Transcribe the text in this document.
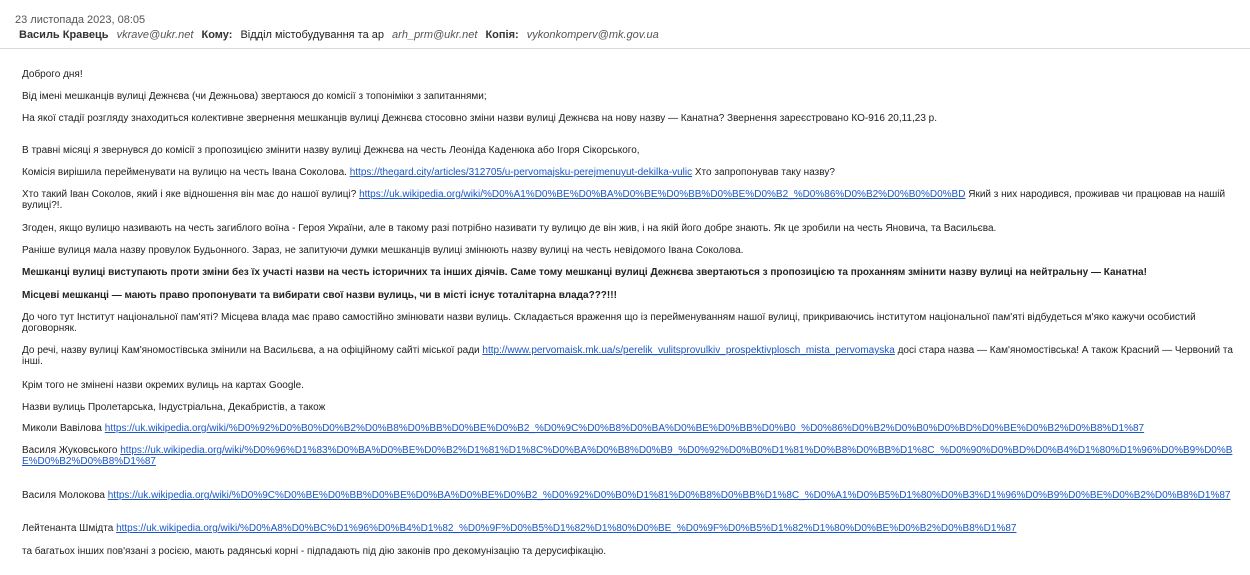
23 листопада 2023, 08:05
Василь Кравець vkrave@ukr.net Кому: Відділ містобудування та ар arh_prm@ukr.net Копія: vykonkomperv@mk.gov.ua

Доброго дня!

Від імені мешканців вулиці Дежнєва (чи Дежньова) звертаюся до комісії з топоніміки з запитаннями;

На якої стадії розгляду знаходиться колективне звернення мешканців вулиці Дежнєва стосовно зміни назви вулиці Дежнєва на нову назву — Канатна? Звернення зареєстровано КО-916 20,11,23 р.

В травні місяці я звернувся до комісії з пропозицією змінити назву вулиці Дежнєва на честь Леоніда Каденюка або Ігоря Сікорського,

Комісія вирішила перейменувати на вулицю на честь Івана Соколова. https://thegard.city/articles/312705/u-pervomajsku-perejmenuyut-dekilka-vulic Хто запропонував таку назву?

Хто такий Іван Соколов, який і яке відношення він має до нашої вулиці? https://uk.wikipedia.org/wiki/%D0%A1%D0%BE%D0%BA%D0%BE%D0%BB%D0%BE%D0%B2_%D0%86%D0%B2%D0%B0%D0%BD Який з них народився, проживав чи працював на нашій вулиці?!.

Згоден, якщо вулицю називають на честь загиблого воїна - Героя України, але в такому разі потрібно називати ту вулицю де він жив, і на якій його добре знають. Як це зробили на честь Яновича, та Васильєва.

Раніше вулиця мала назву провулок Будьонного. Зараз, не запитуючи думки мешканців вулиці змінюють назву вулиці на честь невідомого Івана Соколова.

Мешканці вулиці виступають проти зміни без їх участі назви на честь історичних та інших діячів. Саме тому мешканці вулиці Дежнєва звертаються з пропозицією та проханням змінити назву вулиці на нейтральну — Канатна!

Місцеві мешканці — мають право пропонувати та вибирати свої назви вулиць, чи в місті існує тоталітарна влада???!!!

До чого тут Інститут національної пам'яті? Місцева влада має право самостійно змінювати назви вулиць. Складається враження що із перейменуванням нашої вулиці, прикриваючись інститутом національної пам'яті відбудеться м'яко кажучи особистий договорняк.

До речі, назву вулиці Кам'яномостівська змінили на Васильєва, а на офіційному сайті міської ради http://www.pervomaisk.mk.ua/s/perelik_vulitsprovulkiv_prospektivplosch_mista_pervomayska досі стара назва — Кам'яномостівська! А також Красний — Червоний та інші.

Крім того не змінені назви окремих вулиць на картах Google.

Назви вулиць Пролетарська, Індустріальна, Декабристів, а також

Миколи Вавілова https://uk.wikipedia.org/wiki/%D0%92%D0%B0%D0%B2%D0%B8%D0%BB%D0%BE%D0%B2_%D0%9C%D0%B8%D0%BA%D0%BE%D0%BB%D0%B0_%D0%86%D0%B2%D0%B0%D0%BD%D0%BE%D0%B2%D0%B8%D1%87

Василя Жуковського https://uk.wikipedia.org/wiki/%D0%96%D1%83%D0%BA%D0%BE%D0%B2%D1%81%D1%8C%D0%BA%D0%B8%D0%B9_%D0%92%D0%B0%D1%81%D0%B8%D0%BB%D1%8C_%D0%90%D0%BD%D0%B4%D1%80%D1%96%D0%B9%D0%BE%D0%B2%D0%B8%D1%87

Василя Молокова https://uk.wikipedia.org/wiki/%D0%9C%D0%BE%D0%BB%D0%BE%D0%BA%D0%BE%D0%B2_%D0%92%D0%B0%D1%81%D0%B8%D0%BB%D1%8C_%D0%A1%D0%B5%D1%80%D0%B3%D1%96%D0%B9%D0%BE%D0%B2%D0%B8%D1%87

Лейтенанта Шмідта https://uk.wikipedia.org/wiki/%D0%A8%D0%BC%D1%96%D0%B4%D1%82_%D0%9F%D0%B5%D1%82%D1%80%D0%BE_%D0%9F%D0%B5%D1%82%D1%80%D0%BE%D0%B2%D0%B8%D1%87

та багатьох інших пов'язані з росією, мають радянські корні - підпадають під дію законів про декомунізацію та дерусифікацію.
